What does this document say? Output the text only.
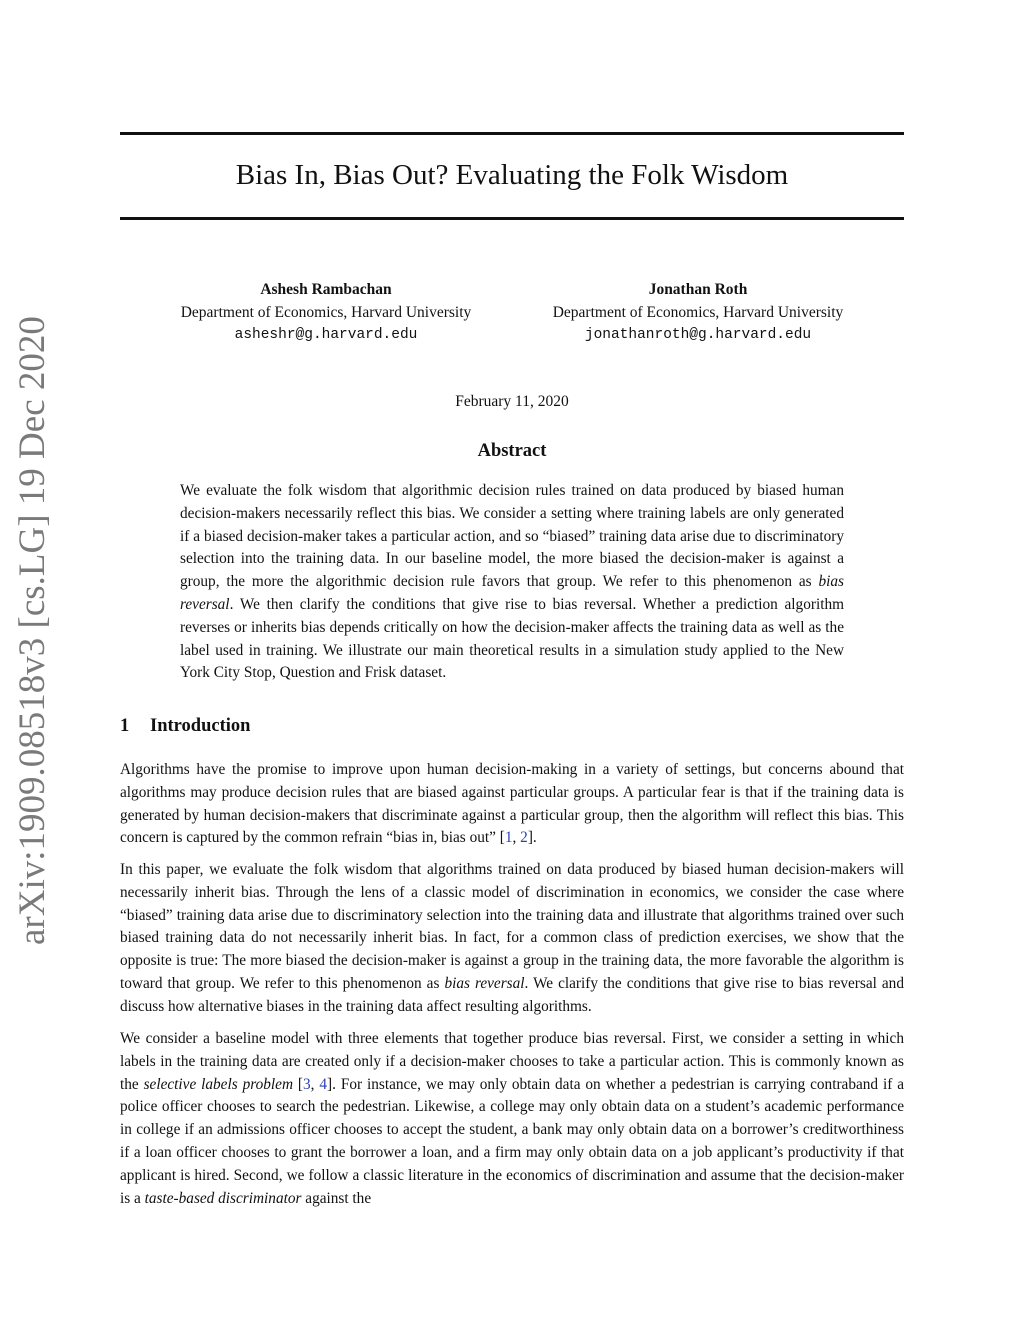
arXiv:1909.08518v3 [cs.LG] 19 Dec 2020
Bias In, Bias Out? Evaluating the Folk Wisdom
Ashesh Rambachan
Department of Economics, Harvard University
asheshr@g.harvard.edu
Jonathan Roth
Department of Economics, Harvard University
jonathanroth@g.harvard.edu
February 11, 2020
Abstract

We evaluate the folk wisdom that algorithmic decision rules trained on data produced by biased human decision-makers necessarily reflect this bias. We consider a setting where training labels are only generated if a biased decision-maker takes a particular action, and so “biased” training data arise due to discriminatory selection into the training data. In our baseline model, the more biased the decision-maker is against a group, the more the algorithmic decision rule favors that group. We refer to this phenomenon as bias reversal. We then clarify the conditions that give rise to bias reversal. Whether a prediction algorithm reverses or inherits bias depends critically on how the decision-maker affects the training data as well as the label used in training. We illustrate our main theoretical results in a simulation study applied to the New York City Stop, Question and Frisk dataset.

1 Introduction

Algorithms have the promise to improve upon human decision-making in a variety of settings, but concerns abound that algorithms may produce decision rules that are biased against particular groups. A particular fear is that if the training data is generated by human decision-makers that discriminate against a particular group, then the algorithm will reflect this bias. This concern is captured by the common refrain “bias in, bias out” [1, 2].

In this paper, we evaluate the folk wisdom that algorithms trained on data produced by biased human decision-makers will necessarily inherit bias. Through the lens of a classic model of discrimination in economics, we consider the case where “biased” training data arise due to discriminatory selection into the training data and illustrate that algorithms trained over such biased training data do not necessarily inherit bias. In fact, for a common class of prediction exercises, we show that the opposite is true: The more biased the decision-maker is against a group in the training data, the more favorable the algorithm is toward that group. We refer to this phenomenon as bias reversal. We clarify the conditions that give rise to bias reversal and discuss how alternative biases in the training data affect resulting algorithms.

We consider a baseline model with three elements that together produce bias reversal. First, we consider a setting in which labels in the training data are created only if a decision-maker chooses to take a particular action. This is commonly known as the selective labels problem [3, 4]. For instance, we may only obtain data on whether a pedestrian is carrying contraband if a police officer chooses to search the pedestrian. Likewise, a college may only obtain data on a student’s academic performance in college if an admissions officer chooses to accept the student, a bank may only obtain data on a borrower’s creditworthiness if a loan officer chooses to grant the borrower a loan, and a firm may only obtain data on a job applicant’s productivity if that applicant is hired. Second, we follow a classic literature in the economics of discrimination and assume that the decision-maker is a taste-based discriminator against the
